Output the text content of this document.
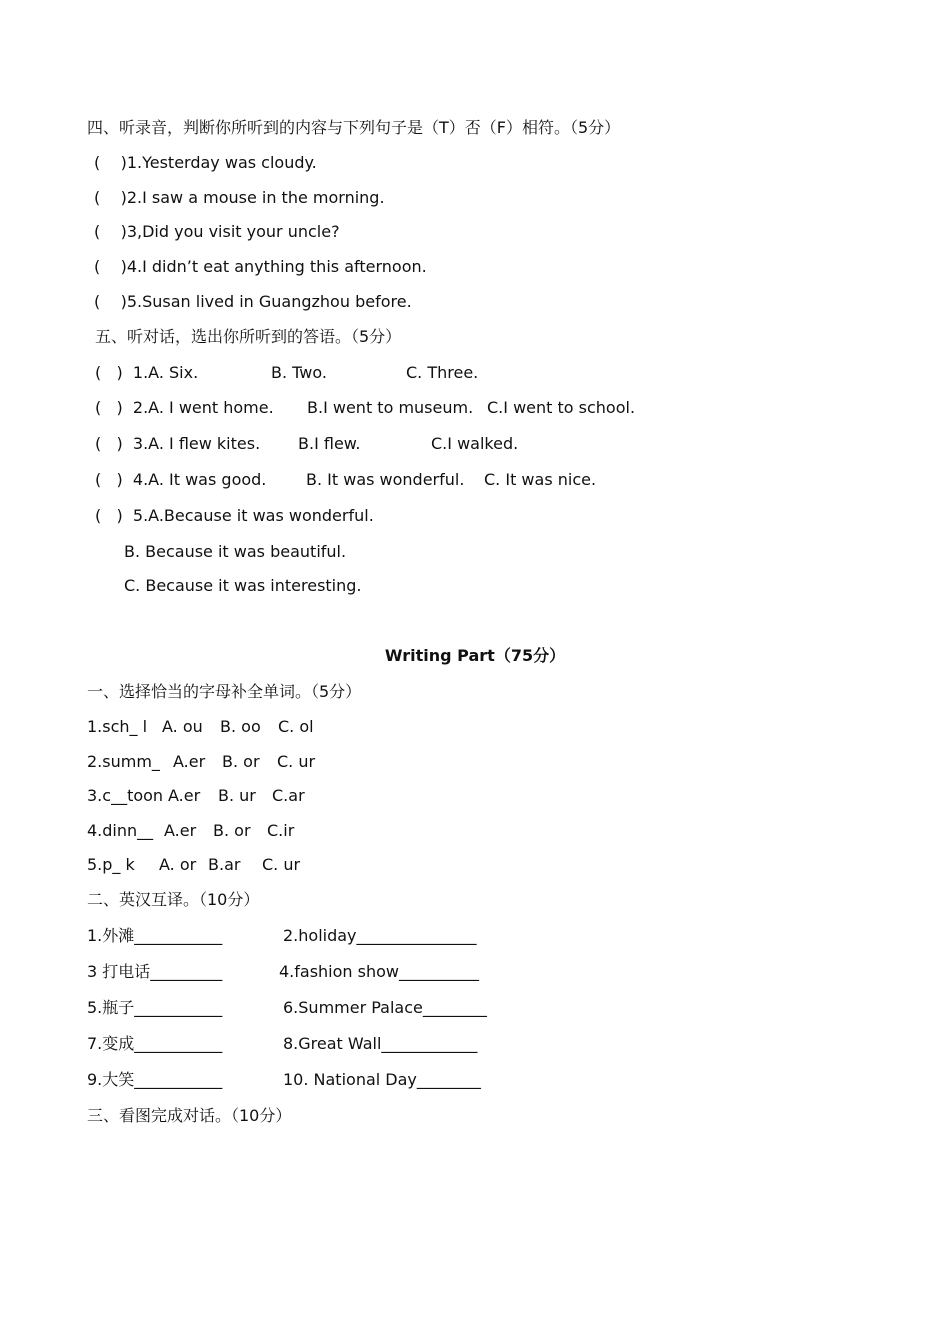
四、听录音，判断你所听到的内容与下列句子是（T）否（F）相符。（5分）
(    )1.Yesterday was cloudy.
(    )2.I saw a mouse in the morning.
(    )3,Did you visit your uncle?
(    )4.I didn’t eat anything this afternoon.
(    )5.Susan lived in Guangzhou before.
五、听对话，选出你所听到的答语。（5分）
(   )  1.A. Six.	B. Two.	C. Three.
(   )  2.A. I went home. B.I went to museum. C.I went to school.
(   )  3.A. I flew kites. B.I flew.	C.I walked.
(   )  4.A. It was good. B. It was wonderful. C. It was nice.
(   )  5.A.Because it was wonderful.
B. Because it was beautiful.
C. Because it was interesting.
Writing Part（75分）
一、选择恰当的字母补全单词。（5分）
1.sch_ l A. ou B. oo C. ol
2.summ_ A.er B. or C. ur
3.c__toon A.er B. ur C.ar
4.dinn__ A.er B. or C.ir
5.p_ k A. or B.ar C. ur
二、英汉互译。（10分）
1.外滩___________	2.holiday_______________
3 打电话_________	4.fashion show__________
5.瓶子___________	6.Summer Palace________
7.变成___________	8.Great Wall____________
9.大笑___________	10. National Day________
三、看图完成对话。（10分）
